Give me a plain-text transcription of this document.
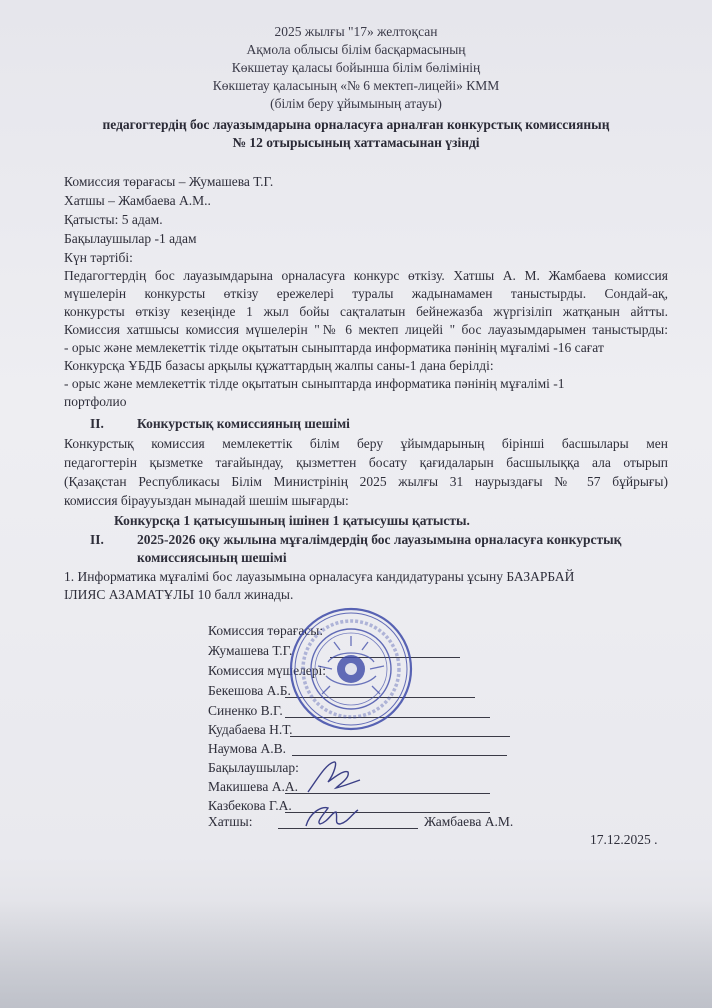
2025 жылғы "17» желтоқсан
Ақмола облысы білім басқармасының
Көкшетау қаласы бойынша білім бөлімінің
Көкшетау қаласының «№ 6 мектеп-лицейі» КММ
(білім беру ұйымының атауы)
педагогтердің бос лауазымдарына орналасуға арналған конкурстық комиссияның
№ 12 отырысының хаттамасынан үзінді
Комиссия төрағасы – Жумашева Т.Г.
Хатшы – Жамбаева А.М..
Қатысты: 5 адам.
Бақылаушылар -1 адам
Күн тәртібі:
Педагогтердің бос лауазымдарына орналасуға конкурс өткізу. Хатшы А. М. Жамбаева комиссия
мүшелерін конкурсты өткізу ережелері туралы жадынамамен таныстырды. Сондай-ақ,
конкурсты өткізу кезеңінде 1 жыл бойы сақталатын бейнежазба жүргізіліп жатқанын айтты.
Комиссия хатшысы комиссия мүшелерін "№ 6 мектеп лицейі " бос лауазымдарымен таныстырды:
- орыс және мемлекеттік тілде оқытатын сыныптарда информатика пәнінің мұғалімі -16 сағат
Конкурсқа ҰБДБ базасы арқылы құжаттардың жалпы саны-1 дана берілді:
- орыс және мемлекеттік тілде оқытатын сыныптарда информатика пәнінің мұғалімі -1
портфолио
II. Конкурстық комиссияның шешімі
Конкурстық комиссия мемлекеттік білім беру ұйымдарының бірінші басшылары мен
педагогтерін қызметке тағайындау, қызметтен босату қағидаларын басшылыққа ала отырып
(Қазақстан Республикасы Білім Министрінің 2025 жылғы 31 наурыздағы № 57 бұйрығы)
комиссия біраууыздан мынадай шешім шығарды:
Конкурсқа 1 қатысушының ішінен 1 қатысушы қатысты.
II. 2025-2026 оқу жылына мұғалімдердің бос лауазымына орналасуға конкурстық
комиссиясының шешімі
1. Информатика мұғалімі бос лауазымына орналасуға кандидатураны ұсыну БАЗАРБАЙ
ІЛИЯС АЗАМАТҰЛЫ 10 балл жинады.
Комиссия төрағасы:
Жумашева Т.Г.
Комиссия мүшелері:
Бекешова А.Б.
Синенко В.Г.
Кудабаева Н.Т.
Наумова А.В.
Бақылаушылар:
Макишева А.А.
Казбекова Г.А.
Хатшы:	Жамбаева А.М.
17.12.2025 .
